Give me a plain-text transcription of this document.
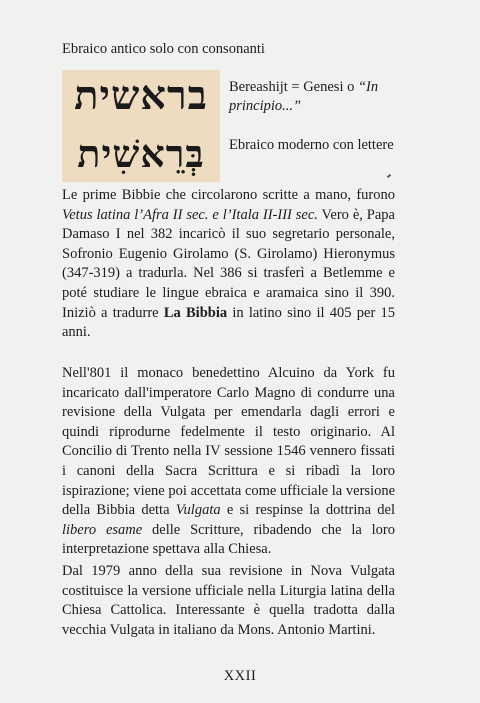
Ebraico antico solo con consonanti
בראשית
בְּרֵאשִׁית
Bereashijt = Genesi o “In principio...”
Ebraico moderno con lettere

Le prime Bibbie che circolarono scritte a mano, furono Vetus latina l’Afra II sec. e l’Itala II-III sec. Vero è, Papa Damaso I nel 382 incaricò il suo segretario personale, Sofronio Eugenio Girolamo (S. Girolamo) Hieronymus (347-319) a tradurla. Nel 386 si trasferì a Betlemme e poté studiare le lingue ebraica e aramaica sino il 390. Iniziò a tradurre La Bibbia in latino sino il 405 per 15 anni.

Nell'801 il monaco benedettino Alcuino da York fu incaricato dall'imperatore Carlo Magno di condurre una revisione della Vulgata per emendarla dagli errori e quindi riprodurne fedelmente il testo originario. Al Concilio di Trento nella IV sessione 1546 vennero fissati i canoni della Sacra Scrittura e si ribadì la loro ispirazione; viene poi accettata come ufficiale la versione della Bibbia detta Vulgata e si respinse la dottrina del libero esame delle Scritture, ribadendo che la loro interpretazione spettava alla Chiesa.

Dal 1979 anno della sua revisione in Nova Vulgata costituisce la versione ufficiale nella Liturgia latina della Chiesa Cattolica. Interessante è quella tradotta dalla vecchia Vulgata in italiano da Mons. Antonio Martini.

XXII
